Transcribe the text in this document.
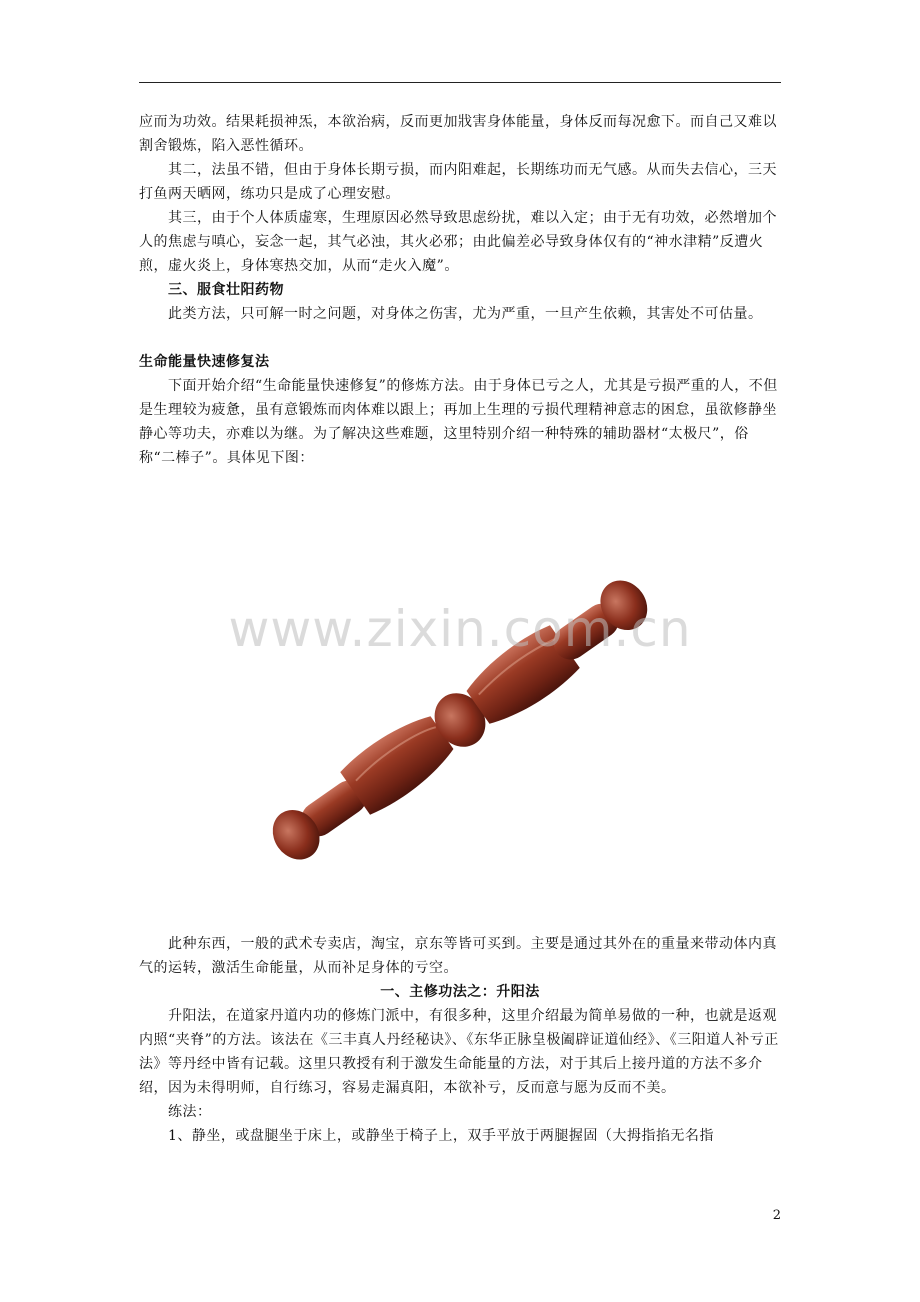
应而为功效。结果耗损神炁，本欲治病，反而更加戕害身体能量，身体反而每况愈下。而自己又难以割舍锻炼，陷入恶性循环。

其二，法虽不错，但由于身体长期亏损，而内阳难起，长期练功而无气感。从而失去信心，三天打鱼两天晒网，练功只是成了心理安慰。

其三，由于个人体质虚寒，生理原因必然导致思虑纷扰，难以入定；由于无有功效，必然增加个人的焦虑与嗔心，妄念一起，其气必浊，其火必邪；由此偏差必导致身体仅有的“神水津精”反遭火煎，虚火炎上，身体寒热交加，从而“走火入魔”。

三、服食壮阳药物

此类方法，只可解一时之问题，对身体之伤害，尤为严重，一旦产生依赖，其害处不可估量。

生命能量快速修复法

下面开始介绍“生命能量快速修复”的修炼方法。由于身体已亏之人，尤其是亏损严重的人，不但是生理较为疲惫，虽有意锻炼而肉体难以跟上；再加上生理的亏损代理精神意志的困怠，虽欲修静坐静心等功夫，亦难以为继。为了解决这些难题，这里特别介绍一种特殊的辅助器材“太极尺”，俗称“二棒子”。具体见下图：

www.zixin.com.cn

此种东西，一般的武术专卖店，淘宝，京东等皆可买到。主要是通过其外在的重量来带动体内真气的运转，激活生命能量，从而补足身体的亏空。

一、主修功法之：升阳法

升阳法，在道家丹道内功的修炼门派中，有很多种，这里介绍最为简单易做的一种，也就是返观内照“夹脊”的方法。该法在《三丰真人丹经秘诀》、《东华正脉皇极阖辟证道仙经》、《三阳道人补亏正法》等丹经中皆有记载。这里只教授有利于激发生命能量的方法，对于其后上接丹道的方法不多介绍，因为未得明师，自行练习，容易走漏真阳，本欲补亏，反而意与愿为反而不美。

练法：

1、静坐，或盘腿坐于床上，或静坐于椅子上，双手平放于两腿握固（大拇指掐无名指

2
